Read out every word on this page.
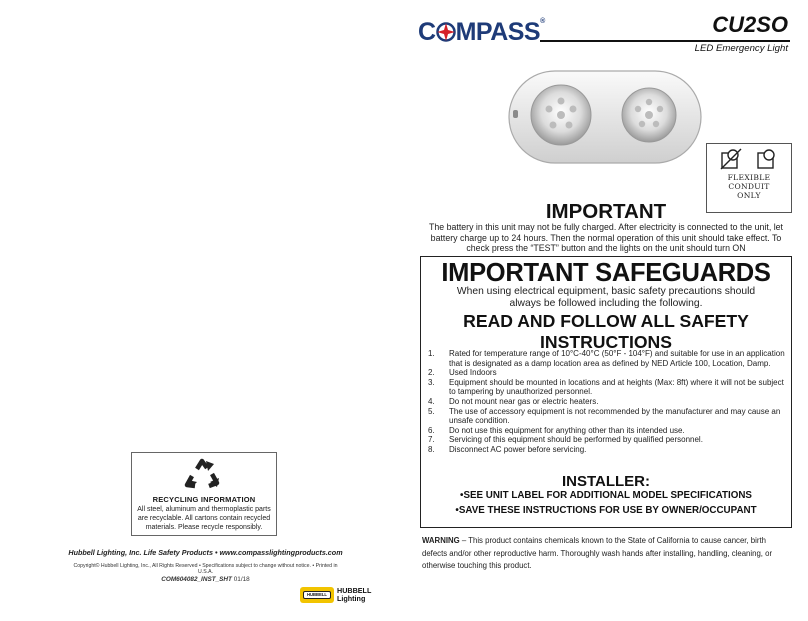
RECYCLING INFORMATION
All steel, aluminum and thermoplastic parts are recyclable. All cartons contain recycled materials. Please recycle responsibly.
Hubbell Lighting, Inc. Life Safety Products • www.compasslightingproducts.com
Copyright© Hubbell Lighting, Inc., All Rights Reserved • Specifications subject to change without notice. • Printed in U.S.A.
COM604082_INST_SHT 01/18
HUBBELL	HUBBELL
Lighting
C MPASS®	CU2SO
LED Emergency Light
FLEXIBLE
CONDUIT
ONLY
IMPORTANT
The battery in this unit may not be fully charged. After electricity is connected to the unit, let battery charge up to 24 hours. Then the normal operation of this unit should take effect. To check press the “TEST” button and the lights on the unit should turn ON
IMPORTANT SAFEGUARDS
When using electrical equipment, basic safety precautions should always be followed including the following.
READ AND FOLLOW ALL SAFETY INSTRUCTIONS
1.	Rated for temperature range of 10°C-40°C (50°F - 104°F) and suitable for use in an application that is designated as a damp location area as defined by NED Article 100, Location, Damp.
2.	Used Indoors
3.	Equipment should be mounted in locations and at heights (Max: 8ft) where it will not be subject to tampering by unauthorized personnel.
4.	Do not mount near gas or electric heaters.
5.	The use of accessory equipment is not recommended by the manufacturer and may cause an unsafe condition.
6.	Do not use this equipment for anything other than its intended use.
7.	Servicing of this equipment should be performed by qualified personnel.
8.	Disconnect AC power before servicing.
INSTALLER:
•SEE UNIT LABEL FOR ADDITIONAL MODEL SPECIFICATIONS
•SAVE THESE INSTRUCTIONS FOR USE BY OWNER/OCCUPANT
WARNING – This product contains chemicals known to the State of California to cause cancer, birth defects and/or other reproductive harm. Thoroughly wash hands after installing, handling, cleaning, or otherwise touching this product.
